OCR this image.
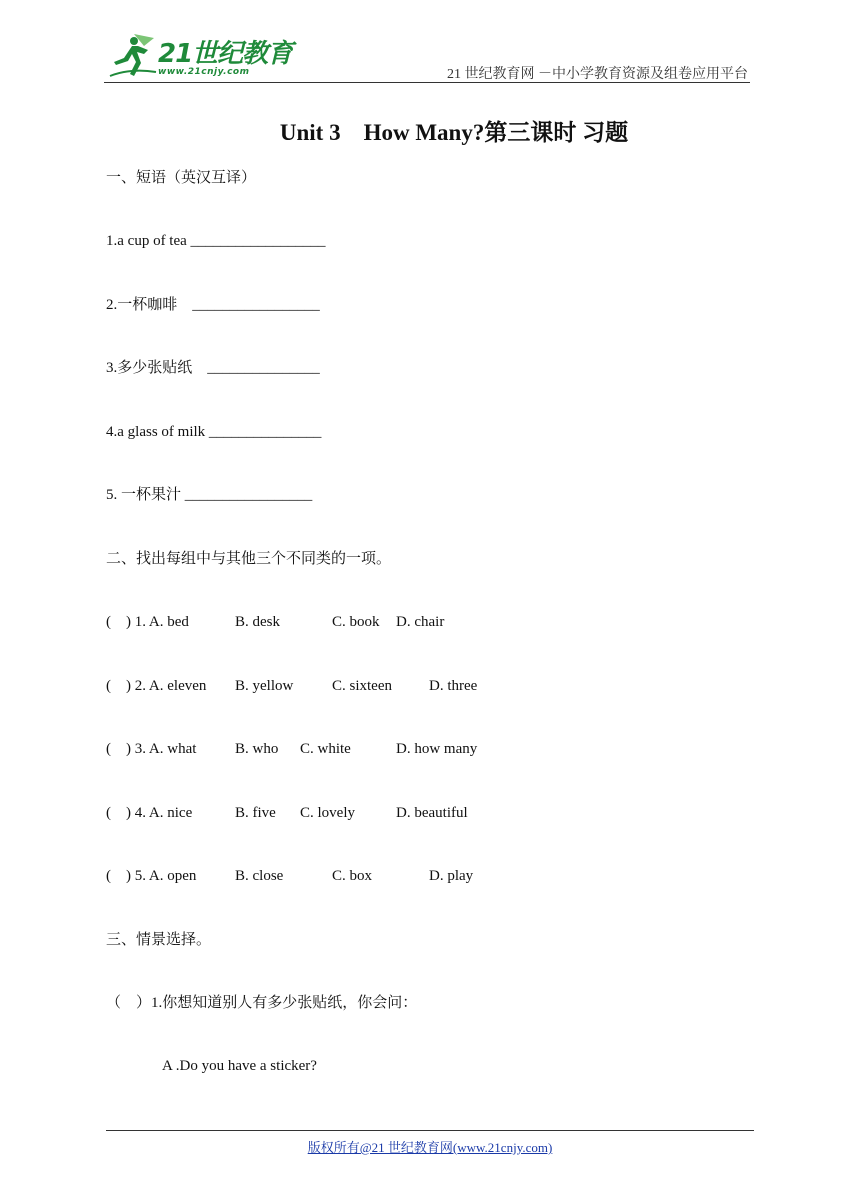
21世纪教育
www.21cnjy.com	21 世纪教育网 －中小学教育资源及组卷应用平台
Unit 3　How Many?第三课时 习题
一、短语（英汉互译）
1.a cup of tea __________________
2.一杯咖啡　_________________
3.多少张贴纸　_______________
4.a glass of milk _______________
5. 一杯果汁 _________________
二、找出每组中与其他三个不同类的一项。
(    ) 1. A. bed	B. desk	C. book D. chair
(    ) 2. A. eleven B. yellow	C. sixteen D. three
(    ) 3. A. what	B. who C. white	D. how many
(    ) 4. A. nice	B. five C. lovely	D. beautiful
(    ) 5. A. open	B. close	C. box	D. play
三、情景选择。
（    ）1.你想知道别人有多少张贴纸，你会问：
A .Do you have a sticker?
版权所有@21 世纪教育网(www.21cnjy.com)
